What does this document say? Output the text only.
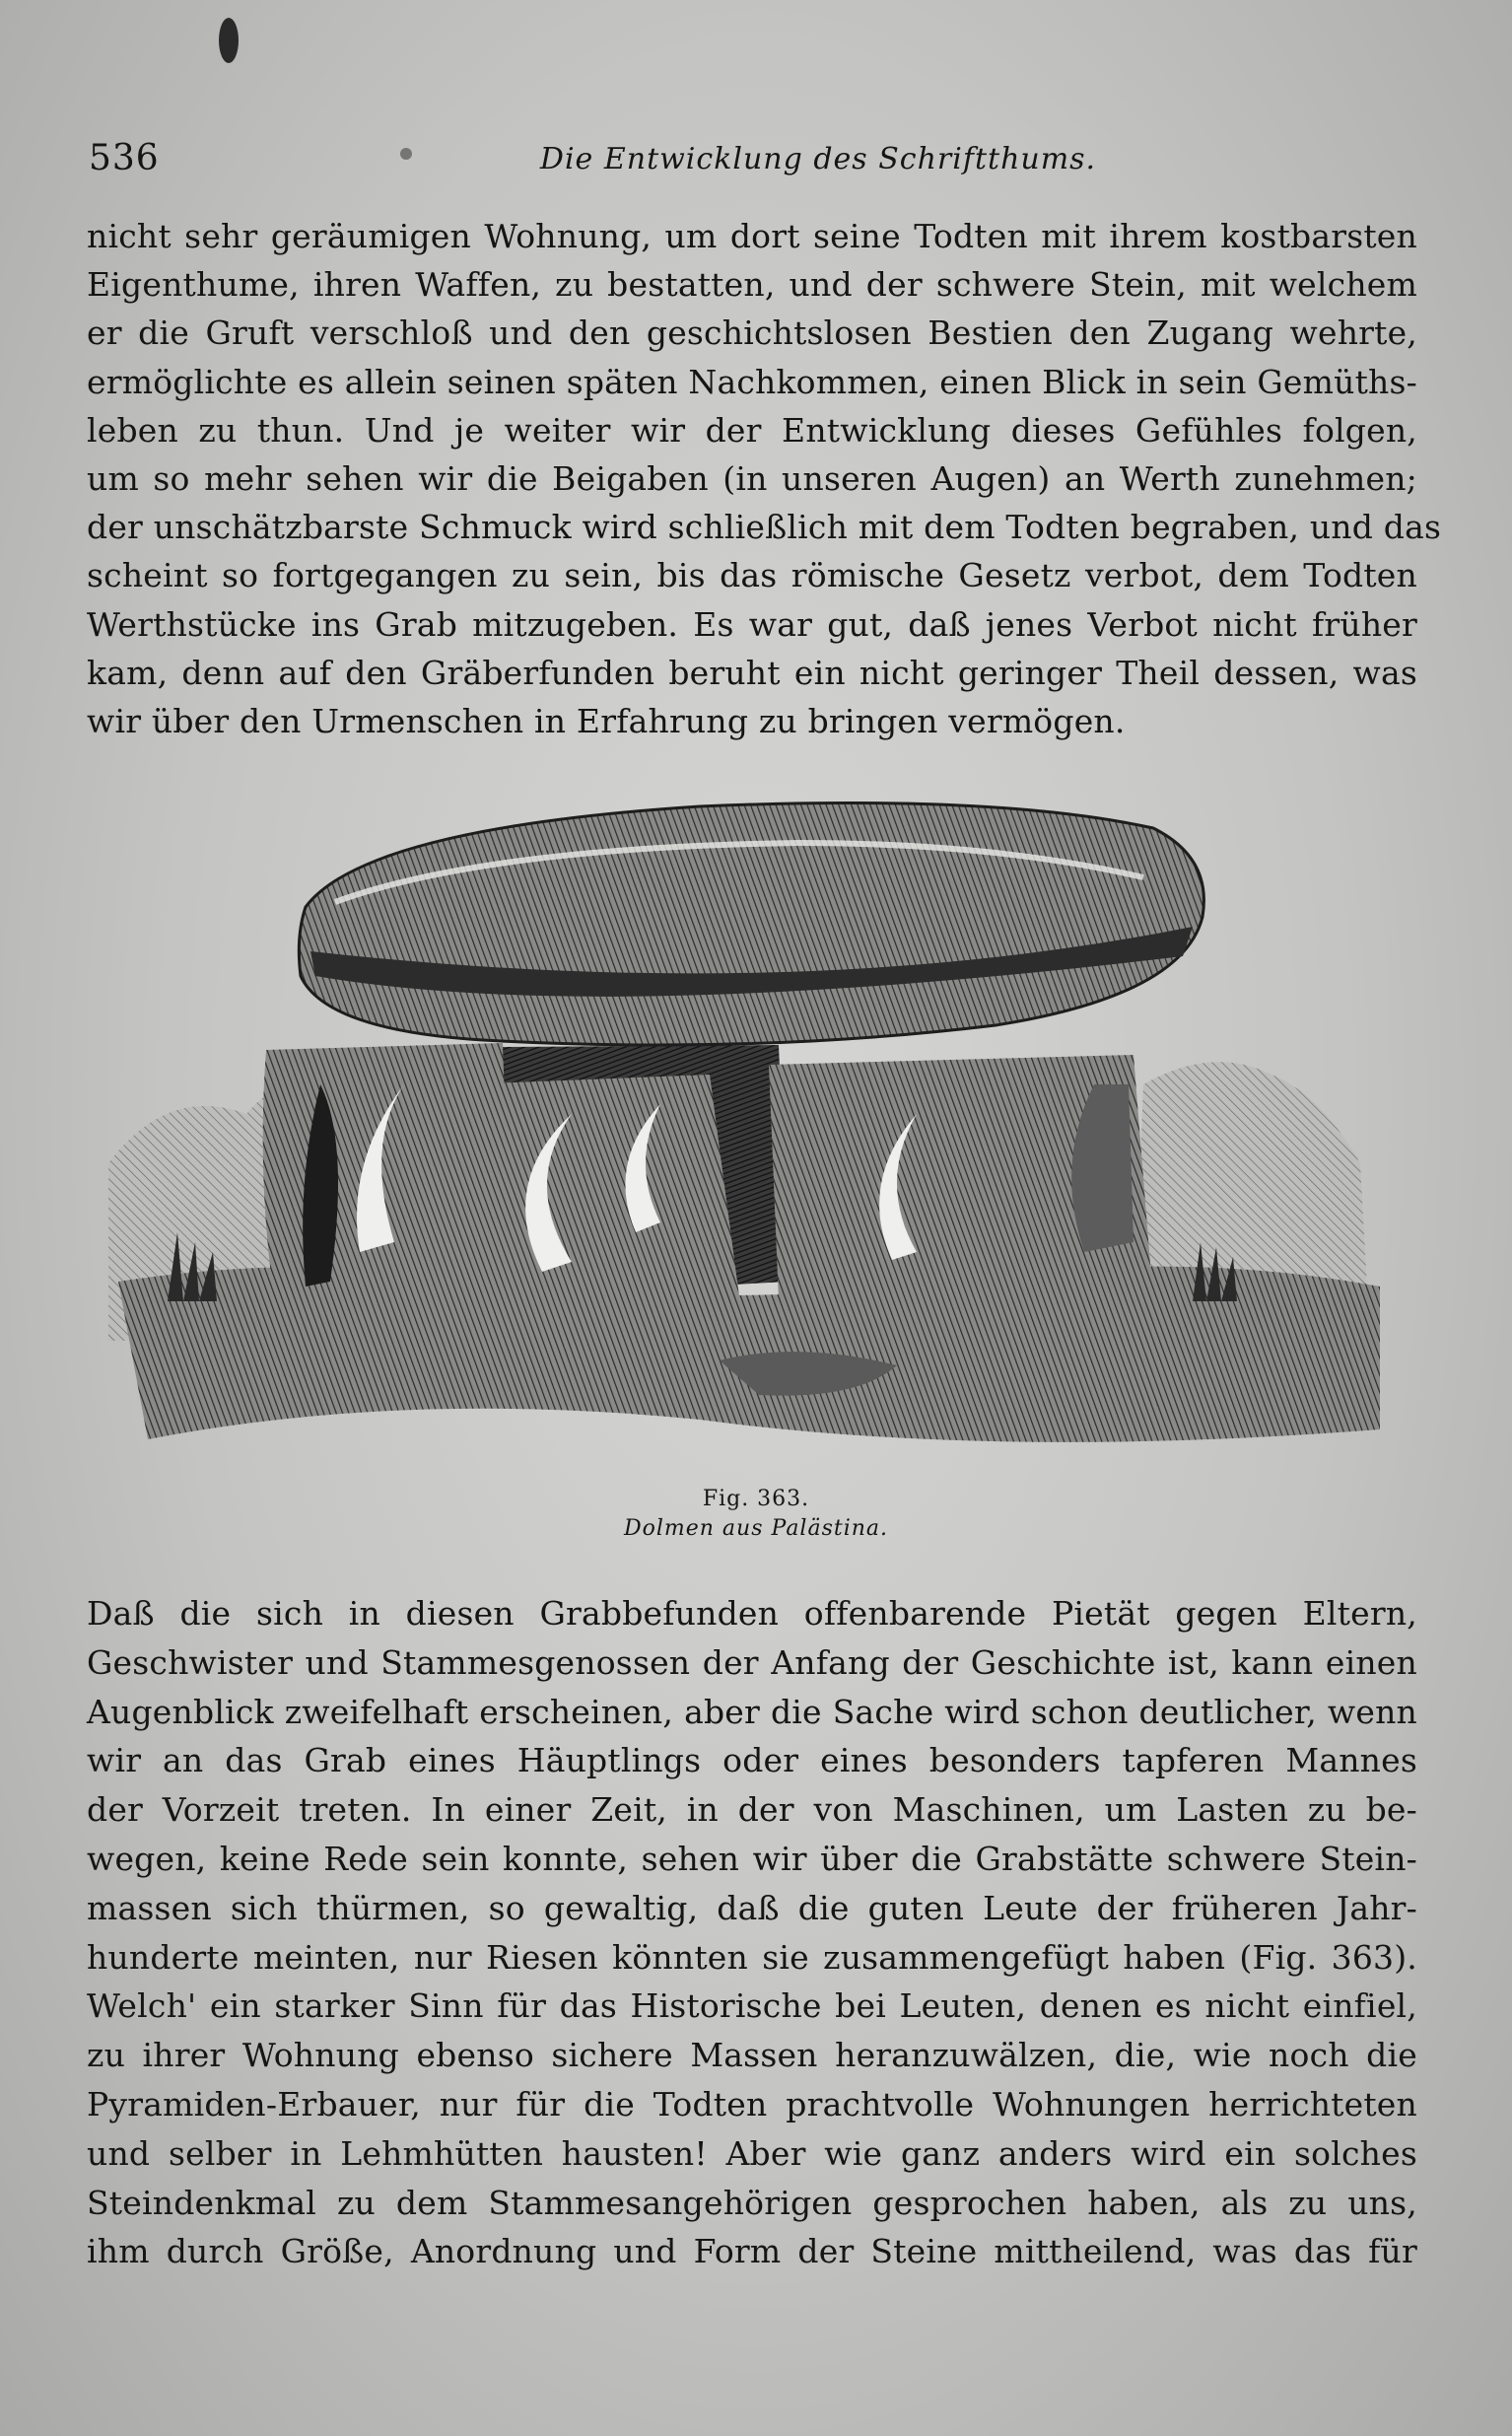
536	Die Entwicklung des Schriftthums.
nicht sehr geräumigen Wohnung, um dort seine Todten mit ihrem kostbarsten
Eigenthume, ihren Waffen, zu bestatten, und der schwere Stein, mit welchem
er die Gruft verschloß und den geschichtslosen Bestien den Zugang wehrte,
ermöglichte es allein seinen späten Nachkommen, einen Blick in sein Gemüths-
leben zu thun. Und je weiter wir der Entwicklung dieses Gefühles folgen,
um so mehr sehen wir die Beigaben (in unseren Augen) an Werth zunehmen;
der unschätzbarste Schmuck wird schließlich mit dem Todten begraben, und das
scheint so fortgegangen zu sein, bis das römische Gesetz verbot, dem Todten
Werthstücke ins Grab mitzugeben. Es war gut, daß jenes Verbot nicht früher
kam, denn auf den Gräberfunden beruht ein nicht geringer Theil dessen, was
wir über den Urmenschen in Erfahrung zu bringen vermögen.
Fig. 363.
Dolmen aus Palästina.
Daß die sich in diesen Grabbefunden offenbarende Pietät gegen Eltern,
Geschwister und Stammesgenossen der Anfang der Geschichte ist, kann einen
Augenblick zweifelhaft erscheinen, aber die Sache wird schon deutlicher, wenn
wir an das Grab eines Häuptlings oder eines besonders tapferen Mannes
der Vorzeit treten. In einer Zeit, in der von Maschinen, um Lasten zu be-
wegen, keine Rede sein konnte, sehen wir über die Grabstätte schwere Stein-
massen sich thürmen, so gewaltig, daß die guten Leute der früheren Jahr-
hunderte meinten, nur Riesen könnten sie zusammengefügt haben (Fig. 363).
Welch' ein starker Sinn für das Historische bei Leuten, denen es nicht einfiel,
zu ihrer Wohnung ebenso sichere Massen heranzuwälzen, die, wie noch die
Pyramiden-Erbauer, nur für die Todten prachtvolle Wohnungen herrichteten
und selber in Lehmhütten hausten! Aber wie ganz anders wird ein solches
Steindenkmal zu dem Stammesangehörigen gesprochen haben, als zu uns,
ihm durch Größe, Anordnung und Form der Steine mittheilend, was das für
